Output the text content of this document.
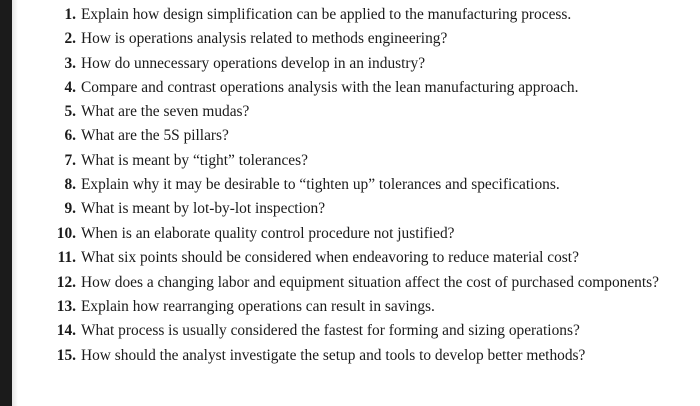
1. Explain how design simplification can be applied to the manufacturing process.
2. How is operations analysis related to methods engineering?
3. How do unnecessary operations develop in an industry?
4. Compare and contrast operations analysis with the lean manufacturing approach.
5. What are the seven mudas?
6. What are the 5S pillars?
7. What is meant by “tight” tolerances?
8. Explain why it may be desirable to “tighten up” tolerances and specifications.
9. What is meant by lot-by-lot inspection?
10. When is an elaborate quality control procedure not justified?
11. What six points should be considered when endeavoring to reduce material cost?
12. How does a changing labor and equipment situation affect the cost of purchased components?
13. Explain how rearranging operations can result in savings.
14. What process is usually considered the fastest for forming and sizing operations?
15. How should the analyst investigate the setup and tools to develop better methods?
